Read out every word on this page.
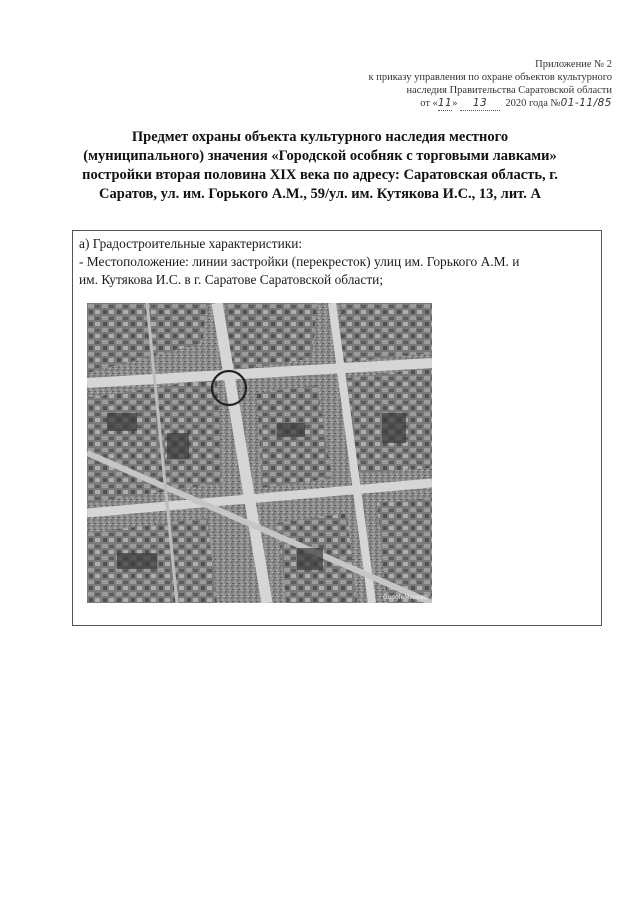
Приложение № 2
к приказу управления по охране объектов культурного
наследия Правительства Саратовской области
от «11» 13 2020 года №01-11/85
Предмет охраны объекта культурного наследия местного (муниципального) значения «Городской особняк с торговыми лавками» постройки вторая половина XIX века по адресу: Саратовская область, г. Саратов, ул. им. Горького А.М., 59/ул. им. Кутякова И.С., 13, лит. А
а) Градостроительные характеристики:
- Местоположение: линии застройки (перекресток) улиц им. Горького А.М. и
им. Кутякова И.С. в г. Саратове Саратовской области;
GoogleМаркер
